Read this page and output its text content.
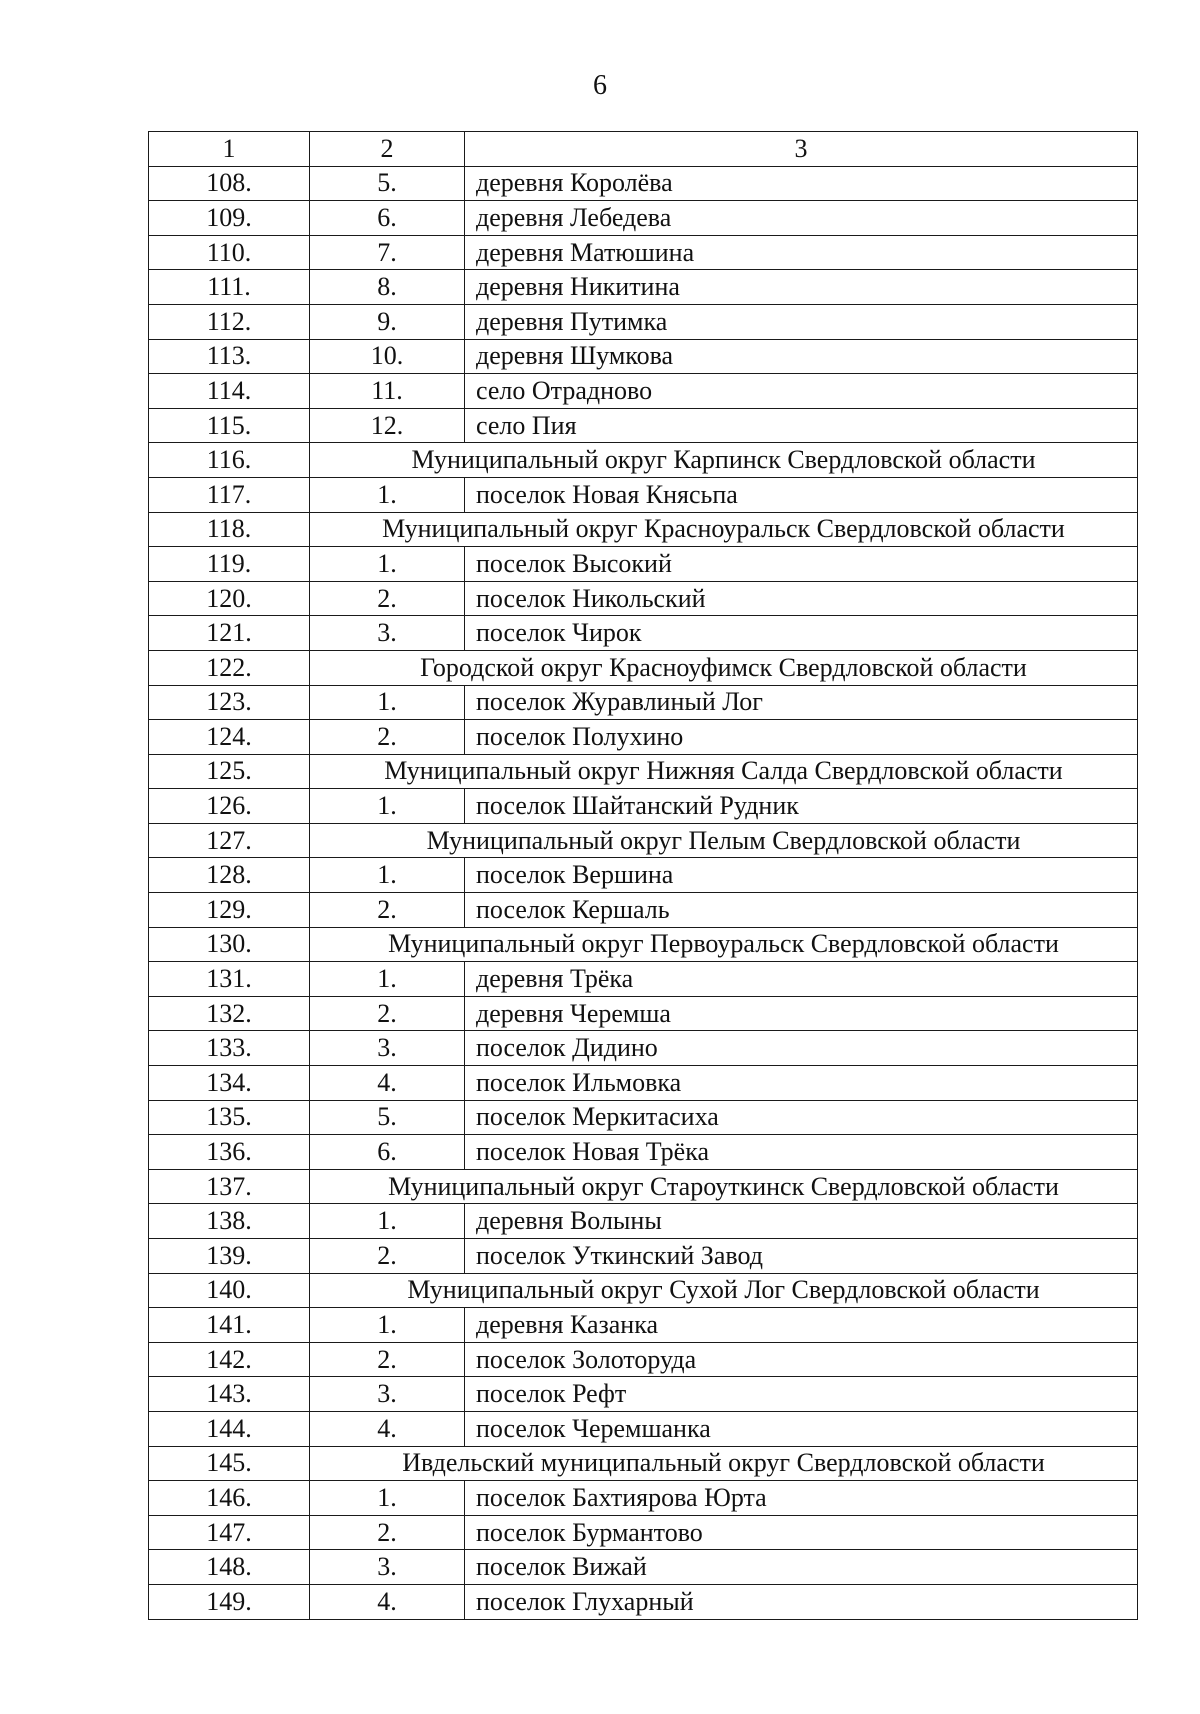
6
1	2	3
108.	5.	деревня Королёва
109.	6.	деревня Лебедева
110.	7.	деревня Матюшина
111.	8.	деревня Никитина
112.	9.	деревня Путимка
113.	10.	деревня Шумкова
114.	11.	село Отрадново
115.	12.	село Пия
116.	Муниципальный округ Карпинск Свердловской области	
117.	1.	поселок Новая Княсьпа
118.	Муниципальный округ Красноуральск Свердловской области	
119.	1.	поселок Высокий
120.	2.	поселок Никольский
121.	3.	поселок Чирок
122.	Городской округ Красноуфимск Свердловской области	
123.	1.	поселок Журавлиный Лог
124.	2.	поселок Полухино
125.	Муниципальный округ Нижняя Салда Свердловской области	
126.	1.	поселок Шайтанский Рудник
127.	Муниципальный округ Пелым Свердловской области	
128.	1.	поселок Вершина
129.	2.	поселок Кершаль
130.	Муниципальный округ Первоуральск Свердловской области	
131.	1.	деревня Трёка
132.	2.	деревня Черемша
133.	3.	поселок Дидино
134.	4.	поселок Ильмовка
135.	5.	поселок Меркитасиха
136.	6.	поселок Новая Трёка
137.	Муниципальный округ Староуткинск Свердловской области	
138.	1.	деревня Волыны
139.	2.	поселок Уткинский Завод
140.	Муниципальный округ Сухой Лог Свердловской области	
141.	1.	деревня Казанка
142.	2.	поселок Золоторуда
143.	3.	поселок Рефт
144.	4.	поселок Черемшанка
145.	Ивдельский муниципальный округ Свердловской области	
146.	1.	поселок Бахтиярова Юрта
147.	2.	поселок Бурмантово
148.	3.	поселок Вижай
149.	4.	поселок Глухарный
